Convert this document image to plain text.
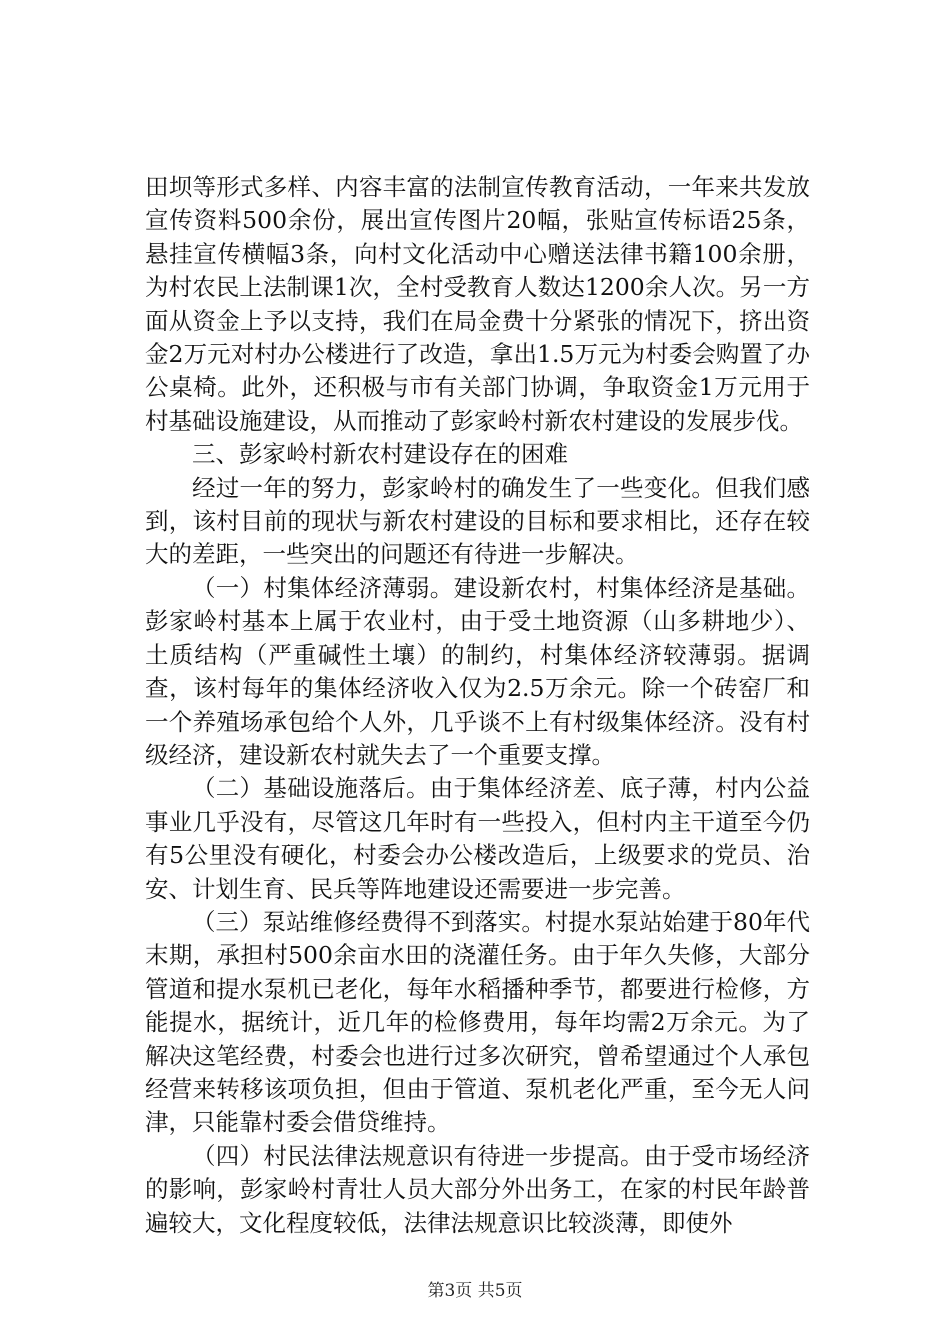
田坝等形式多样、内容丰富的法制宣传教育活动，一年来共发放宣传资料500余份，展出宣传图片20幅，张贴宣传标语25条，悬挂宣传横幅3条，向村文化活动中心赠送法律书籍100余册，为村农民上法制课1次，全村受教育人数达1200余人次。另一方面从资金上予以支持，我们在局金费十分紧张的情况下，挤出资金2万元对村办公楼进行了改造，拿出1.5万元为村委会购置了办公桌椅。此外，还积极与市有关部门协调，争取资金1万元用于村基础设施建设，从而推动了彭家岭村新农村建设的发展步伐。

三、彭家岭村新农村建设存在的困难

经过一年的努力，彭家岭村的确发生了一些变化。但我们感到，该村目前的现状与新农村建设的目标和要求相比，还存在较大的差距，一些突出的问题还有待进一步解决。

（一）村集体经济薄弱。建设新农村，村集体经济是基础。彭家岭村基本上属于农业村，由于受土地资源（山多耕地少）、土质结构（严重碱性土壤）的制约，村集体经济较薄弱。据调查，该村每年的集体经济收入仅为2.5万余元。除一个砖窑厂和一个养殖场承包给个人外，几乎谈不上有村级集体经济。没有村级经济，建设新农村就失去了一个重要支撑。

（二）基础设施落后。由于集体经济差、底子薄，村内公益事业几乎没有，尽管这几年时有一些投入，但村内主干道至今仍有5公里没有硬化，村委会办公楼改造后，上级要求的党员、治安、计划生育、民兵等阵地建设还需要进一步完善。

（三）泵站维修经费得不到落实。村提水泵站始建于80年代末期，承担村500余亩水田的浇灌任务。由于年久失修，大部分管道和提水泵机已老化，每年水稻播种季节，都要进行检修，方能提水，据统计，近几年的检修费用，每年均需2万余元。为了解决这笔经费，村委会也进行过多次研究，曾希望通过个人承包经营来转移该项负担，但由于管道、泵机老化严重，至今无人问津，只能靠村委会借贷维持。

（四）村民法律法规意识有待进一步提高。由于受市场经济的影响，彭家岭村青壮人员大部分外出务工，在家的村民年龄普遍较大，文化程度较低，法律法规意识比较淡薄，即使外

第3页 共5页
